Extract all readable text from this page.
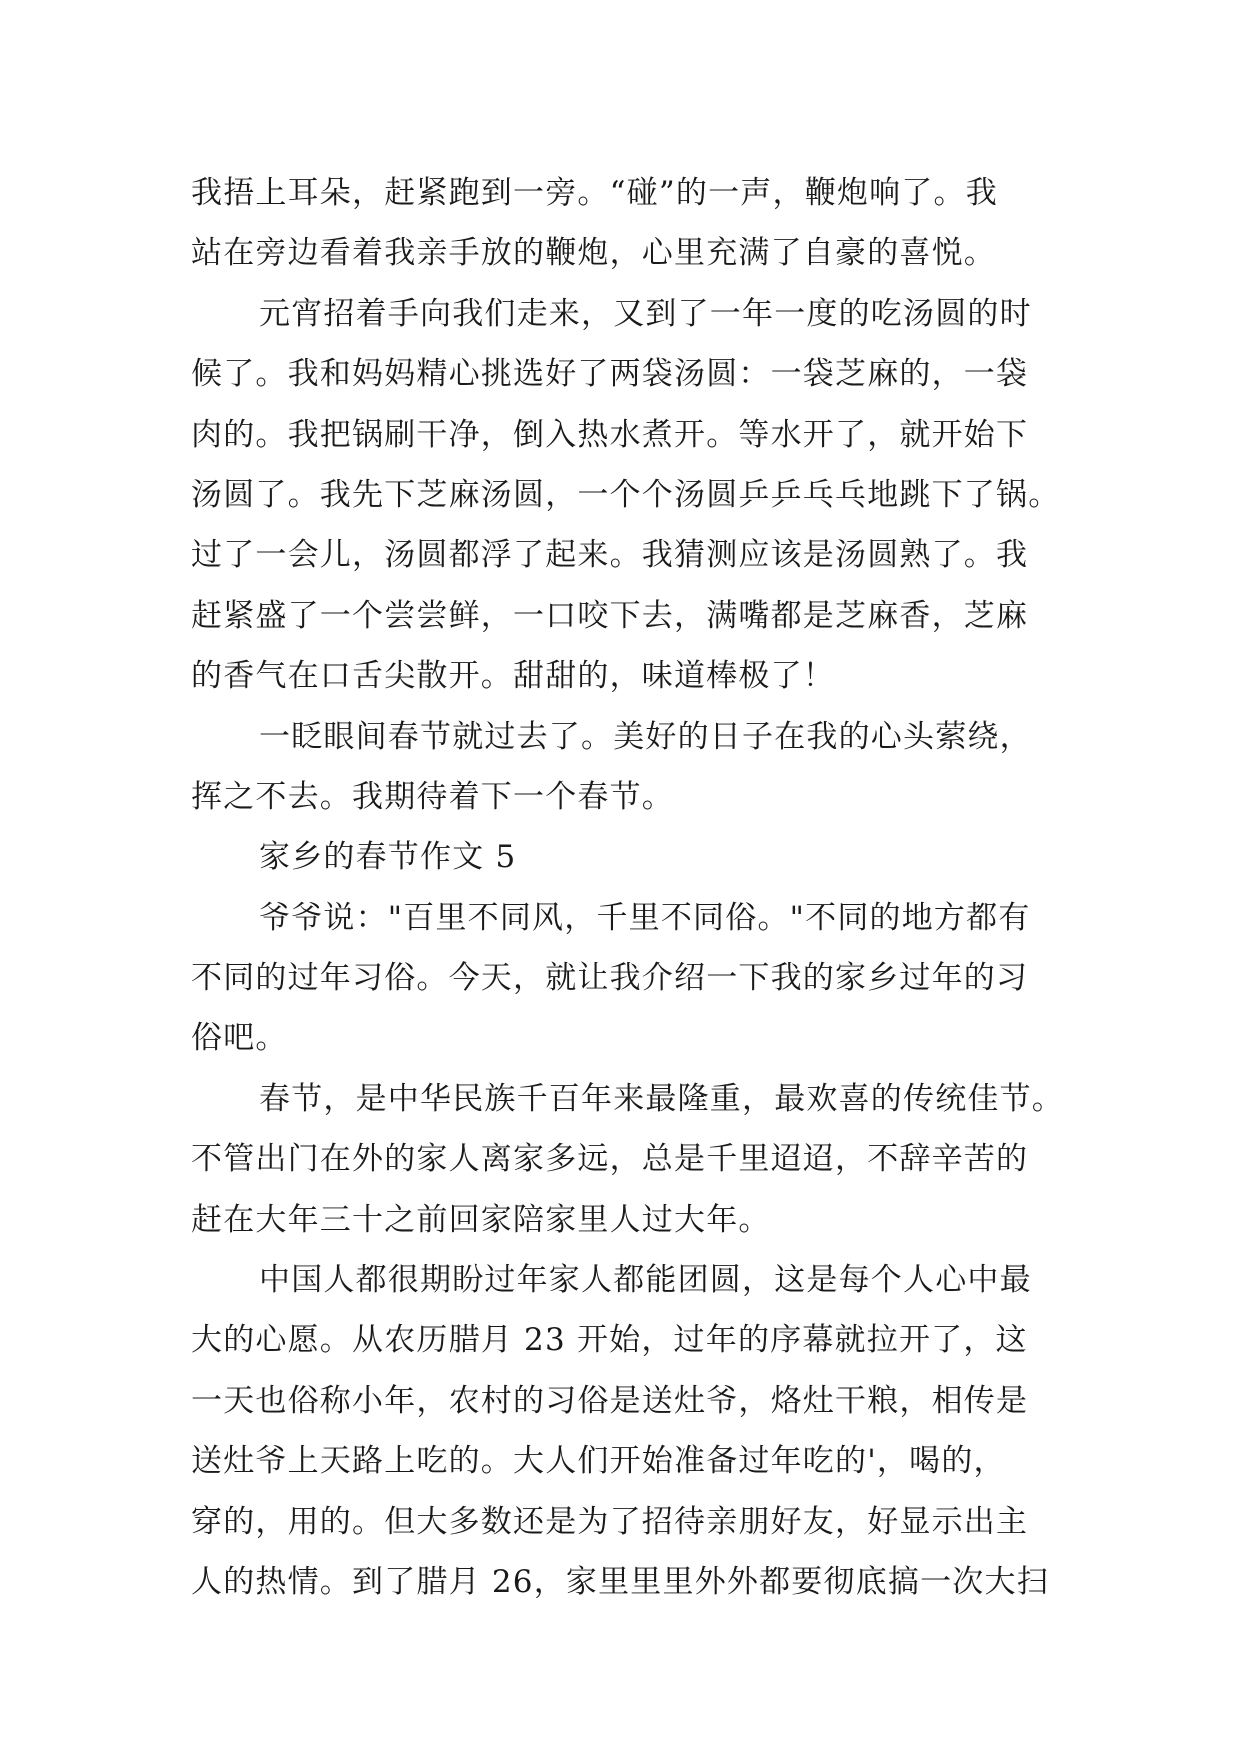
我捂上耳朵，赶紧跑到一旁。“碰”的一声，鞭炮响了。我
站在旁边看着我亲手放的鞭炮，心里充满了自豪的喜悦。
元宵招着手向我们走来，又到了一年一度的吃汤圆的时
候了。我和妈妈精心挑选好了两袋汤圆：一袋芝麻的，一袋
肉的。我把锅刷干净，倒入热水煮开。等水开了，就开始下
汤圆了。我先下芝麻汤圆，一个个汤圆乒乒乓乓地跳下了锅。
过了一会儿，汤圆都浮了起来。我猜测应该是汤圆熟了。我
赶紧盛了一个尝尝鲜，一口咬下去，满嘴都是芝麻香，芝麻
的香气在口舌尖散开。甜甜的，味道棒极了！
一眨眼间春节就过去了。美好的日子在我的心头萦绕，
挥之不去。我期待着下一个春节。
家乡的春节作文 5
爷爷说："百里不同风，千里不同俗。"不同的地方都有
不同的过年习俗。今天，就让我介绍一下我的家乡过年的习
俗吧。
春节，是中华民族千百年来最隆重，最欢喜的传统佳节。
不管出门在外的家人离家多远，总是千里迢迢，不辞辛苦的
赶在大年三十之前回家陪家里人过大年。
中国人都很期盼过年家人都能团圆，这是每个人心中最
大的心愿。从农历腊月 23 开始，过年的序幕就拉开了，这
一天也俗称小年，农村的习俗是送灶爷，烙灶干粮，相传是
送灶爷上天路上吃的。大人们开始准备过年吃的'，喝的，
穿的，用的。但大多数还是为了招待亲朋好友，好显示出主
人的热情。到了腊月 26，家里里里外外都要彻底搞一次大扫
